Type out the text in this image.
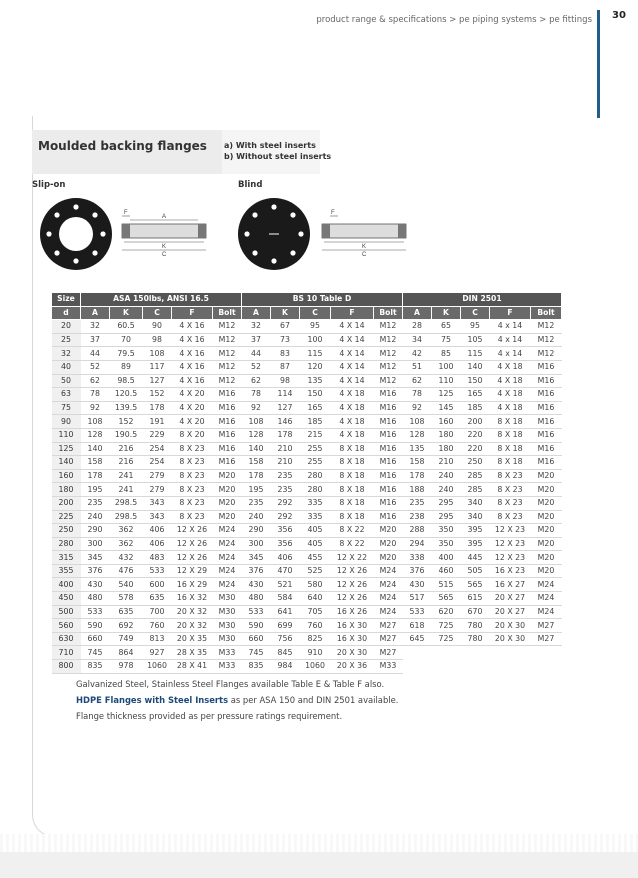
product range & specifications > pe piping systems > pe fittings	30
Moulded backing flanges a) With steel inserts
b) Without steel inserts
Slip-on	Blind
F
A
K
C
F
K
C
Size	ASA 150lbs, ANSI 16.5					BS 10 Table D					DIN 2501				
d	A	K	C	F	Bolt	A	K	C	F	Bolt	A	K	C	F	Bolt
20	32	60.5	90	4 X 16	M12	32	67	95	4 X 14	M12	28	65	95	4 x 14	M12
25	37	70	98	4 X 16	M12	37	73	100	4 X 14	M12	34	75	105	4 x 14	M12
32	44	79.5	108	4 X 16	M12	44	83	115	4 X 14	M12	42	85	115	4 x 14	M12
40	52	89	117	4 X 16	M12	52	87	120	4 X 14	M12	51	100	140	4 X 18	M16
50	62	98.5	127	4 X 16	M12	62	98	135	4 X 14	M12	62	110	150	4 X 18	M16
63	78	120.5	152	4 X 20	M16	78	114	150	4 X 18	M16	78	125	165	4 X 18	M16
75	92	139.5	178	4 X 20	M16	92	127	165	4 X 18	M16	92	145	185	4 X 18	M16
90	108	152	191	4 X 20	M16	108	146	185	4 X 18	M16	108	160	200	8 X 18	M16
110	128	190.5	229	8 X 20	M16	128	178	215	4 X 18	M16	128	180	220	8 X 18	M16
125	140	216	254	8 X 23	M16	140	210	255	8 X 18	M16	135	180	220	8 X 18	M16
140	158	216	254	8 X 23	M16	158	210	255	8 X 18	M16	158	210	250	8 X 18	M16
160	178	241	279	8 X 23	M20	178	235	280	8 X 18	M16	178	240	285	8 X 23	M20
180	195	241	279	8 X 23	M20	195	235	280	8 X 18	M16	188	240	285	8 X 23	M20
200	235	298.5	343	8 X 23	M20	235	292	335	8 X 18	M16	235	295	340	8 X 23	M20
225	240	298.5	343	8 X 23	M20	240	292	335	8 X 18	M16	238	295	340	8 X 23	M20
250	290	362	406	12 X 26	M24	290	356	405	8 X 22	M20	288	350	395	12 X 23	M20
280	300	362	406	12 X 26	M24	300	356	405	8 X 22	M20	294	350	395	12 X 23	M20
315	345	432	483	12 X 26	M24	345	406	455	12 X 22	M20	338	400	445	12 X 23	M20
355	376	476	533	12 X 29	M24	376	470	525	12 X 26	M24	376	460	505	16 X 23	M20
400	430	540	600	16 X 29	M24	430	521	580	12 X 26	M24	430	515	565	16 X 27	M24
450	480	578	635	16 X 32	M30	480	584	640	12 X 26	M24	517	565	615	20 X 27	M24
500	533	635	700	20 X 32	M30	533	641	705	16 X 26	M24	533	620	670	20 X 27	M24
560	590	692	760	20 X 32	M30	590	699	760	16 X 30	M27	618	725	780	20 X 30	M27
630	660	749	813	20 X 35	M30	660	756	825	16 X 30	M27	645	725	780	20 X 30	M27
710	745	864	927	28 X 35	M33	745	845	910	20 X 30	M27					
800	835	978	1060	28 X 41	M33	835	984	1060	20 X 36	M33					
Galvanized Steel, Stainless Steel Flanges available Table E & Table F also.
HDPE Flanges with Steel Inserts as per ASA 150 and DIN 2501 available.
Flange thickness provided as per pressure ratings requirement.
